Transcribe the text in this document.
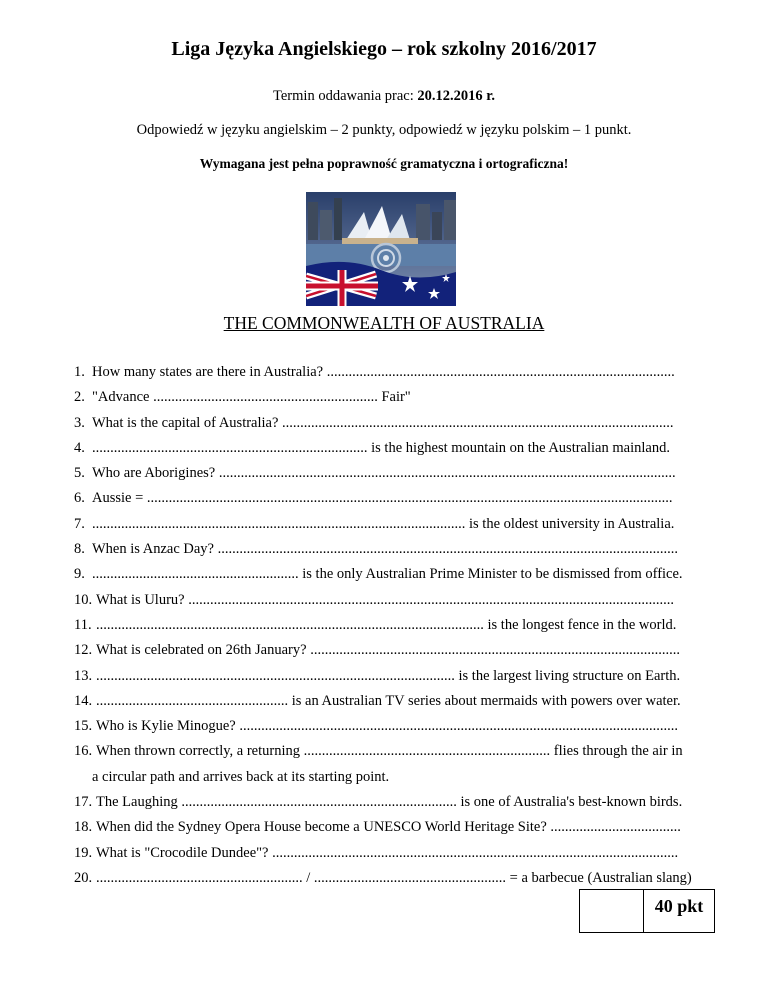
Liga Języka Angielskiego – rok szkolny 2016/2017
Termin oddawania prac: 20.12.2016 r.
Odpowiedź w języku angielskim – 2 punkty, odpowiedź w języku polskim – 1 punkt.
Wymagana jest pełna poprawność gramatyczna i ortograficzna!
THE COMMONWEALTH OF AUSTRALIA
1. How many states are there in Australia? ................................................................................................
2. "Advance .............................................................. Fair"
3. What is the capital of Australia? ............................................................................................................
4. ............................................................................ is the highest mountain on the Australian mainland.
5. Who are Aborigines? ..............................................................................................................................
6. Aussie = .................................................................................................................................................
7. ....................................................................................................... is the oldest university in Australia.
8. When is Anzac Day? ...............................................................................................................................
9. ......................................................... is the only Australian Prime Minister to be dismissed from office.
10. What is Uluru? ......................................................................................................................................
11. ........................................................................................................... is the longest fence in the world.
12. What is celebrated on 26th January? ......................................................................................................
13. ................................................................................................... is the largest living structure on Earth.
14. ..................................................... is an Australian TV series about mermaids with powers over water.
15. Who is Kylie Minogue? .........................................................................................................................
16. When thrown correctly, a returning .................................................................... flies through the air in
a circular path and arrives back at its starting point.
17. The Laughing ............................................................................ is one of Australia's best-known birds.
18. When did the Sydney Opera House become a UNESCO World Heritage Site? ....................................
19. What is "Crocodile Dundee"? ................................................................................................................
20. ......................................................... / ..................................................... = a barbecue (Australian slang)
40 pkt
